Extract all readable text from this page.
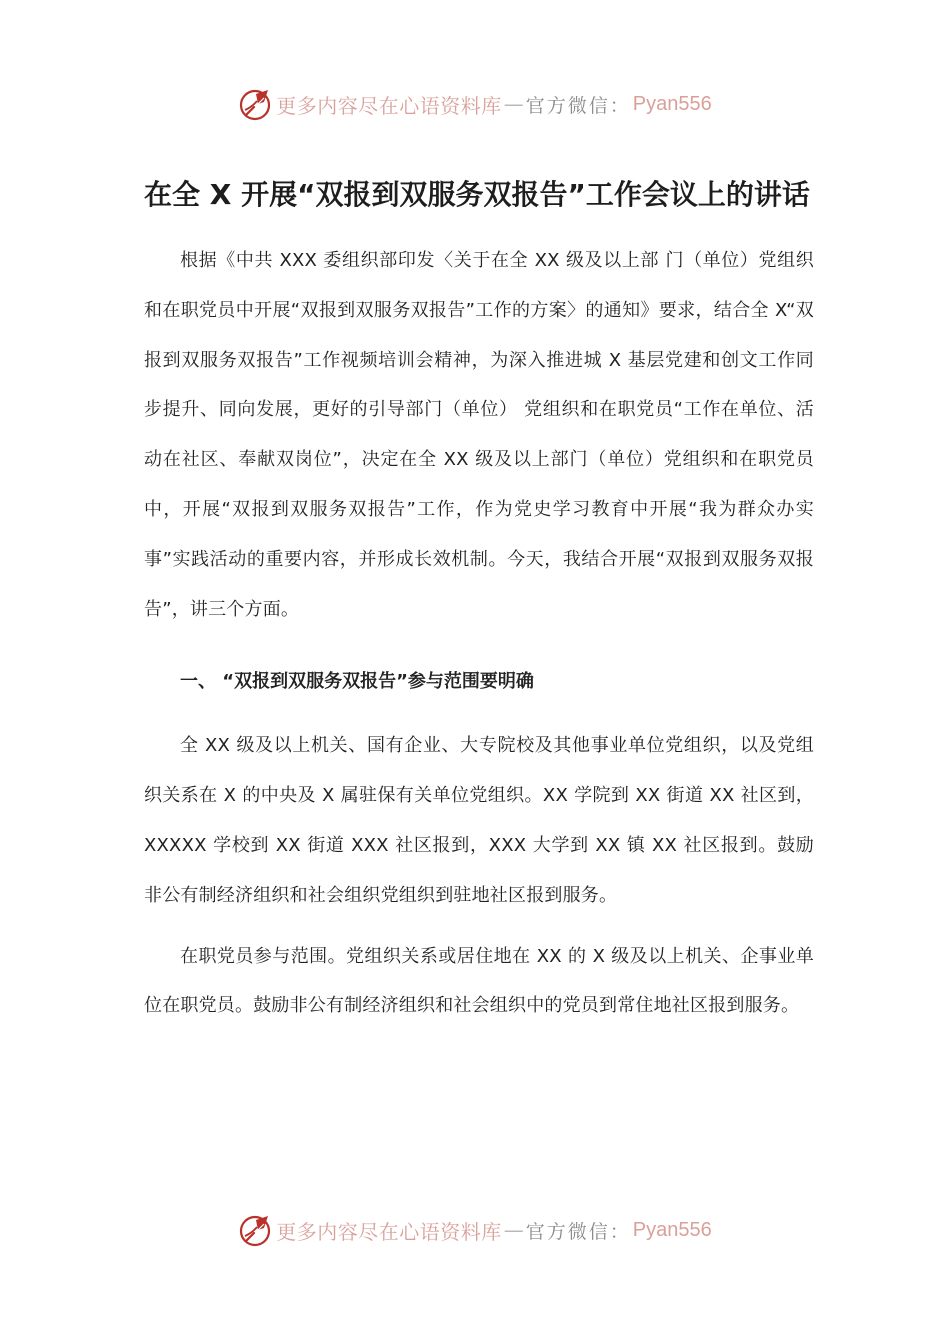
更多内容尽在心语资料库 — 官方微信： Pyan556
在全 X 开展“双报到双服务双报告”工作会议上的讲话

根据《中共 XXX 委组织部印发〈关于在全 XX 级及以上部 门（单位）党组织和在职党员中开展“双报到双服务双报告”工作的方案〉的通知》要求，结合全 X“双报到双服务双报告”工作视频培训会精神，为深入推进城 X 基层党建和创文工作同步提升、同向发展，更好的引导部门（单位） 党组织和在职党员“工作在单位、活动在社区、奉献双岗位”，决定在全 XX 级及以上部门（单位）党组织和在职党员中，开展“双报到双服务双报告”工作，作为党史学习教育中开展“我为群众办实事”实践活动的重要内容，并形成长效机制。今天，我结合开展“双报到双服务双报告”，讲三个方面。

一、 “双报到双服务双报告”参与范围要明确

全 XX 级及以上机关、国有企业、大专院校及其他事业单位党组织，以及党组织关系在 X 的中央及 X 属驻保有关单位党组织。XX 学院到 XX 街道 XX 社区到，XXXXX 学校到 XX 街道 XXX 社区报到，XXX 大学到 XX 镇 XX 社区报到。鼓励非公有制经济组织和社会组织党组织到驻地社区报到服务。

在职党员参与范围。党组织关系或居住地在 XX 的 X 级及以上机关、企事业单位在职党员。鼓励非公有制经济组织和社会组织中的党员到常住地社区报到服务。

更多内容尽在心语资料库 — 官方微信： Pyan556
